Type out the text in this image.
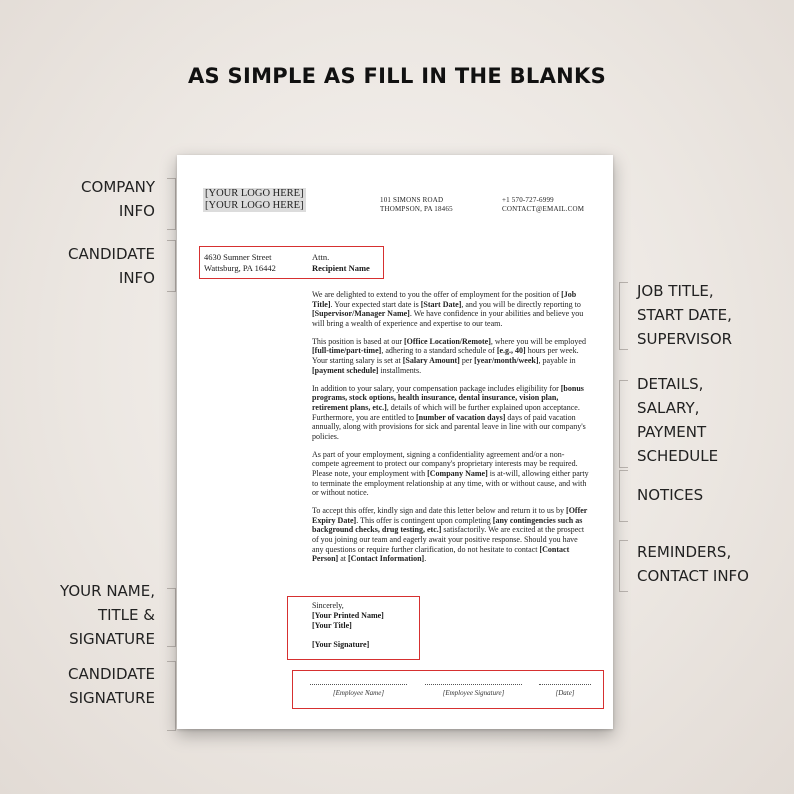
AS SIMPLE AS FILL IN THE BLANKS
COMPANY
INFO
CANDIDATE
INFO
YOUR NAME,
TITLE &
SIGNATURE
CANDIDATE
SIGNATURE
JOB TITLE,
START DATE,
SUPERVISOR
DETAILS,
SALARY,
PAYMENT
SCHEDULE
NOTICES
REMINDERS,
CONTACT INFO
[YOUR LOGO HERE]
[YOUR LOGO HERE]	101 SIMONS ROAD
THOMPSON, PA 18465
+1 570-727-6999
CONTACT@EMAIL.COM
4630 Sumner Street
Wattsburg, PA 16442
Attn.
Recipient Name

We are delighted to extend to you the offer of employment for the position of [Job Title]. Your expected start date is [Start Date], and you will be directly reporting to [Supervisor/Manager Name]. We have confidence in your abilities and believe you will bring a wealth of experience and expertise to our team.

This position is based at our [Office Location/Remote], where you will be employed [full-time/part-time], adhering to a standard schedule of [e.g., 40] hours per week. Your starting salary is set at [Salary Amount] per [year/month/week], payable in [payment schedule] installments.

In addition to your salary, your compensation package includes eligibility for [bonus programs, stock options, health insurance, dental insurance, vision plan, retirement plans, etc.], details of which will be further explained upon acceptance. Furthermore, you are entitled to [number of vacation days] days of paid vacation annually, along with provisions for sick and parental leave in line with our company's policies.

As part of your employment, signing a confidentiality agreement and/or a non-compete agreement to protect our company's proprietary interests may be required. Please note, your employment with [Company Name] is at-will, allowing either party to terminate the employment relationship at any time, with or without cause, and with or without notice.

To accept this offer, kindly sign and date this letter below and return it to us by [Offer Expiry Date]. This offer is contingent upon completing [any contingencies such as background checks, drug testing, etc.] satisfactorily. We are excited at the prospect of you joining our team and eagerly await your positive response. Should you have any questions or require further clarification, do not hesitate to contact [Contact Person] at [Contact Information].

Sincerely,
[Your Printed Name]
[Your Title]
[Your Signature]
[Employee Name]	[Employee Signature]	[Date]
